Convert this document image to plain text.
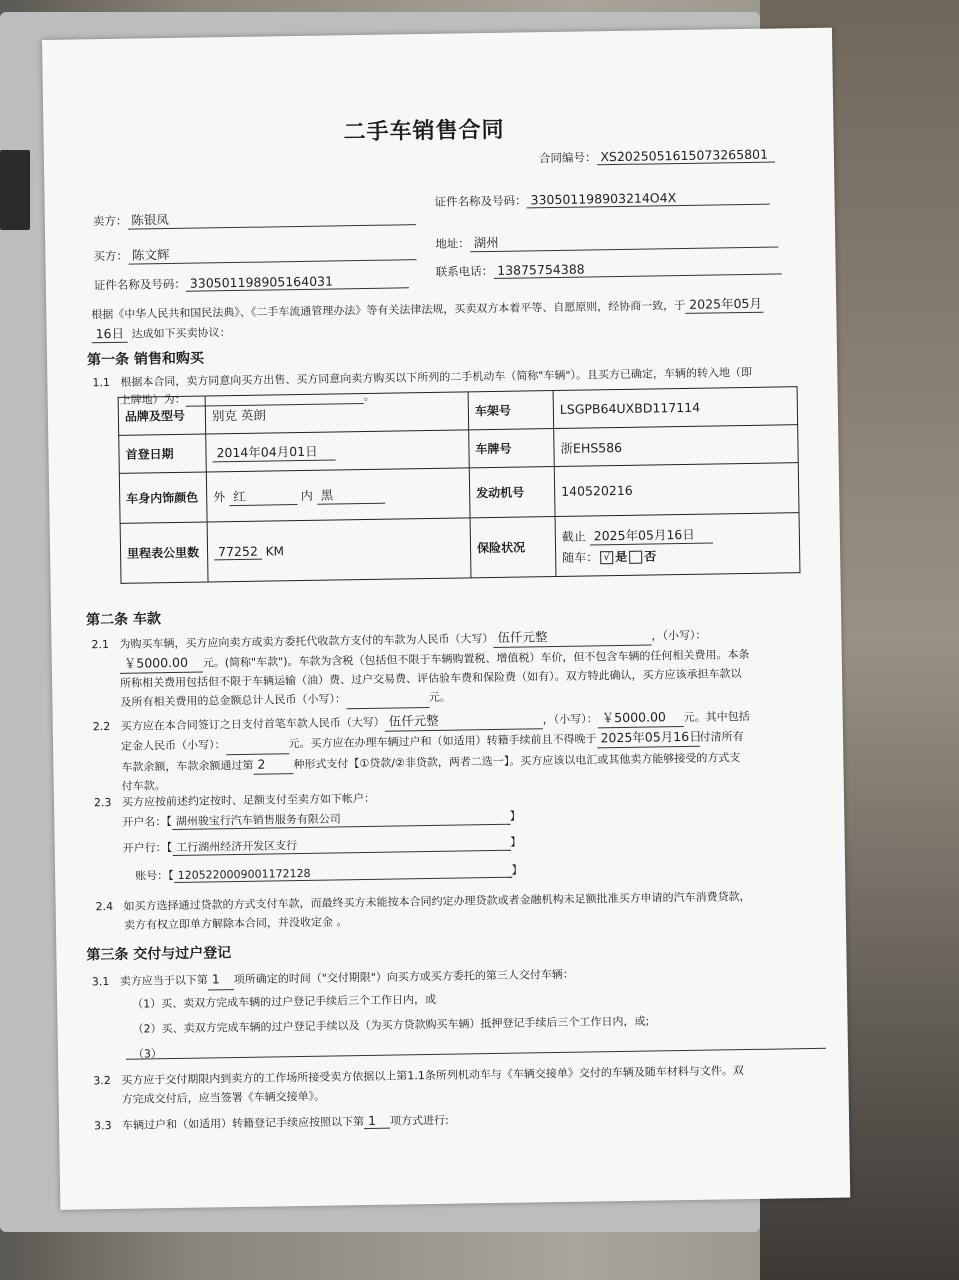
二手车销售合同
合同编号： XS2025051615073265801
卖方： 陈银凤
证件名称及号码： 330501198903214O4X
买方： 陈文辉
地址： 湖州
证件名称及号码： 330501198905164031
联系电话： 13875754388
根据《中华人民共和国民法典》、《二手车流通管理办法》等有关法律法规，买卖双方本着平等、自愿原则，经协商一致，于 2025年05月
16日 达成如下买卖协议：
第一条 销售和购买
1.1 根据本合同，卖方同意向买方出售、买方同意向卖方购买以下所列的二手机动车（简称"车辆"）。且买方已确定，车辆的转入地（即
上牌地）为：	。
品牌及型号	别克 英朗	车架号	LSGPB64UXBD117114
首登日期	2014年04月01日	车牌号	浙EHS586
车身内饰颜色	外 红 内 黑	发动机号	140520216
里程表公里数	77252 KM	保险状况	截止 2025年05月16日
随车： √ 是 否
第二条 车款
2.1 为购买车辆，买方应向卖方或卖方委托代收款方支付的车款为人民币（大写） 伍仟元整	，（小写）：
￥5000.00 元。(简称"车款")。车款为含税（包括但不限于车辆购置税、增值税）车价，但不包含车辆的任何相关费用。本条
所称相关费用包括但不限于车辆运输（油）费、过户交易费、评估验车费和保险费（如有）。双方特此确认，买方应该承担车款以
及所有相关费用的总金额总计人民币（小写）：	元。
2.2 买方应在本合同签订之日支付首笔车款人民币（大写） 伍仟元整	，（小写）： ￥5000.00 元。其中包括
定金人民币（小写）：	元。买方应在办理车辆过户和（如适用）转籍手续前且不得晚于 2025年05月16日付清所有
车款余额，车款余额通过第 2	种形式支付【①贷款/②非贷款，两者二选一】。买方应该以电汇或其他卖方能够接受的方式支
付车款。
2.3 买方应按前述约定按时、足额支付至卖方如下帐户：
开户名：【 湖州骏宝行汽车销售服务有限公司	】
开户行：【 工行湖州经济开发区支行	】
账号：【 1205220009001172128	】
2.4 如买方选择通过贷款的方式支付车款，而最终买方未能按本合同约定办理贷款或者金融机构未足额批准买方申请的汽车消费贷款，
卖方有权立即单方解除本合同，并没收定金 。
第三条 交付与过户登记
3.1 卖方应当于以下第 1 项所确定的时间（"交付期限"）向买方或买方委托的第三人交付车辆：
（1）买、卖双方完成车辆的过户登记手续后三个工作日内，或
（2）买、卖双方完成车辆的过户登记手续以及（为买方贷款购买车辆）抵押登记手续后三个工作日内，或;
（3）
3.2 买方应于交付期限内到卖方的工作场所接受卖方依据以上第1.1条所列机动车与《车辆交接单》交付的车辆及随车材料与文件。双
方完成交付后，应当签署《车辆交接单》。
3.3 车辆过户和（如适用）转籍登记手续应按照以下第 1 项方式进行:
